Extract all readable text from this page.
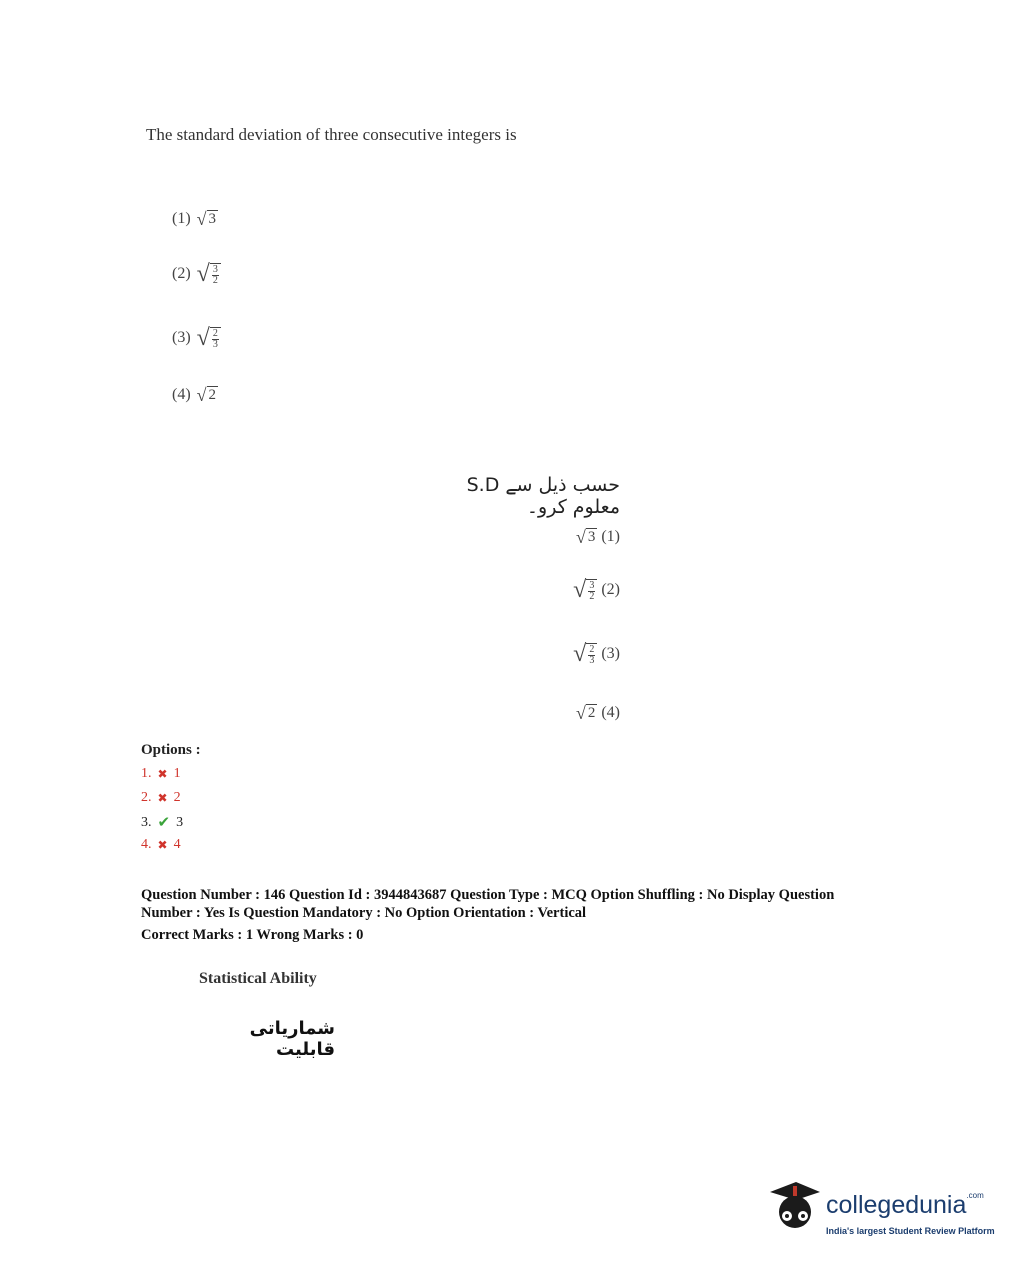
The standard deviation of three consecutive integers is
(1) √ 3
(2) √ $\frac{3}{2}$
(3) √ $\frac{2}{3}$
(4) √ 2
حسب ذیل سے S.D معلوم کرو۔
√ 3 (1)
√ $\frac{3}{2} (2)$
√ $\frac{2}{3} (3)$
√ 2 (4)
Options :
1. ✖ 1
2. ✖ 2
3. ✔ 3
4. ✖ 4
Question Number : 146 Question Id : 3944843687 Question Type : MCQ Option Shuffling : No Display Question
Number : Yes Is Question Mandatory : No Option Orientation : Vertical
Correct Marks : 1 Wrong Marks : 0
Statistical Ability
شماریاتی قابلیت
collegedunia$^{.com}$
India's largest Student Review Platform
